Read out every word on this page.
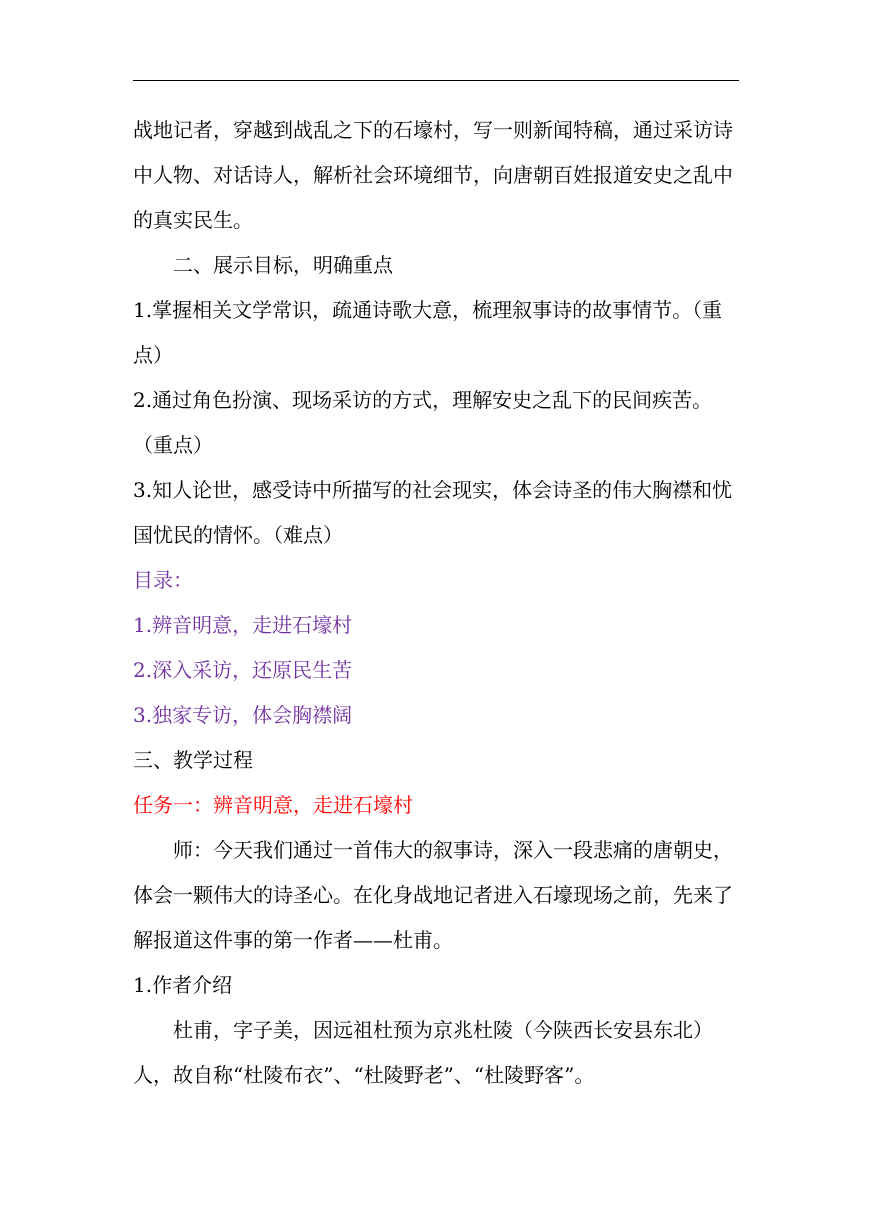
战地记者，穿越到战乱之下的石壕村，写一则新闻特稿，通过采访诗中人物、对话诗人，解析社会环境细节，向唐朝百姓报道安史之乱中的真实民生。

二、展示目标，明确重点

1.掌握相关文学常识，疏通诗歌大意，梳理叙事诗的故事情节。（重点）

2.通过角色扮演、现场采访的方式，理解安史之乱下的民间疾苦。（重点）

3.知人论世，感受诗中所描写的社会现实，体会诗圣的伟大胸襟和忧国忧民的情怀。（难点）

目录：

1.辨音明意，走进石壕村

2.深入采访，还原民生苦

3.独家专访，体会胸襟阔

三、教学过程

任务一：辨音明意，走进石壕村

师：今天我们通过一首伟大的叙事诗，深入一段悲痛的唐朝史，体会一颗伟大的诗圣心。在化身战地记者进入石壕现场之前，先来了解报道这件事的第一作者——杜甫。

1.作者介绍

杜甫，字子美，因远祖杜预为京兆杜陵（今陕西长安县东北）人，故自称“杜陵布衣”、“杜陵野老”、“杜陵野客”。
